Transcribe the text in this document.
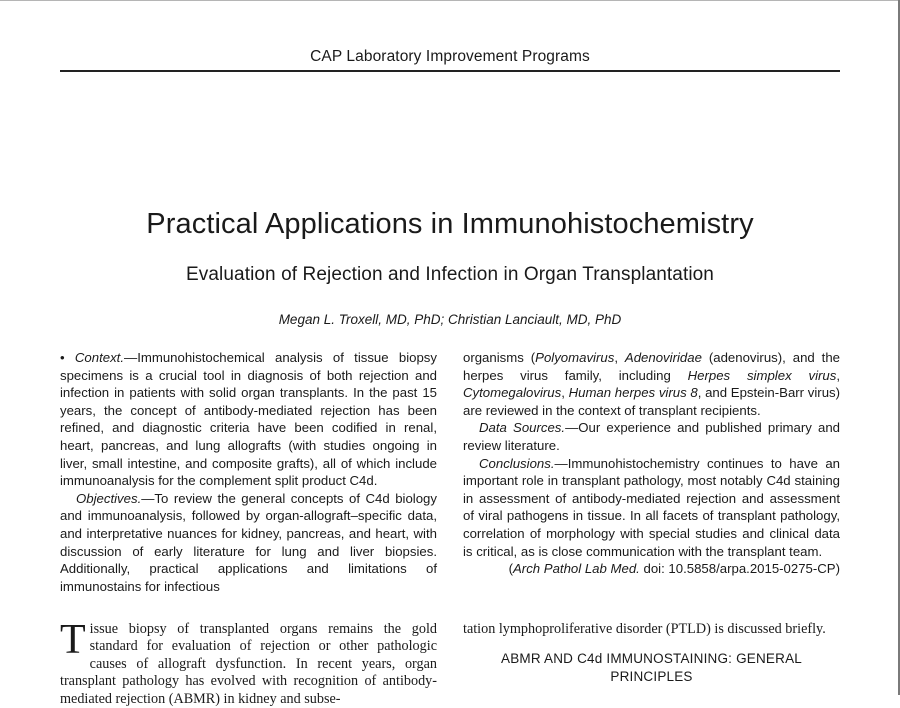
CAP Laboratory Improvement Programs
Practical Applications in Immunohistochemistry
Evaluation of Rejection and Infection in Organ Transplantation
Megan L. Troxell, MD, PhD; Christian Lanciault, MD, PhD

• Context.—Immunohistochemical analysis of tissue biopsy specimens is a crucial tool in diagnosis of both rejection and infection in patients with solid organ transplants. In the past 15 years, the concept of antibody-mediated rejection has been refined, and diagnostic criteria have been codified in renal, heart, pancreas, and lung allografts (with studies ongoing in liver, small intestine, and composite grafts), all of which include immunoanalysis for the complement split product C4d.

Objectives.—To review the general concepts of C4d biology and immunoanalysis, followed by organ-allograft–specific data, and interpretative nuances for kidney, pancreas, and heart, with discussion of early literature for lung and liver biopsies. Additionally, practical applications and limitations of immunostains for infectious

organisms (Polyomavirus, Adenoviridae (adenovirus), and the herpes virus family, including Herpes simplex virus, Cytomegalovirus, Human herpes virus 8, and Epstein-Barr virus) are reviewed in the context of transplant recipients.

Data Sources.—Our experience and published primary and review literature.

Conclusions.—Immunohistochemistry continues to have an important role in transplant pathology, most notably C4d staining in assessment of antibody-mediated rejection and assessment of viral pathogens in tissue. In all facets of transplant pathology, correlation of morphology with special studies and clinical data is critical, as is close communication with the transplant team.

(Arch Pathol Lab Med. doi: 10.5858/arpa.2015-0275-CP)

Tissue biopsy of transplanted organs remains the gold standard for evaluation of rejection or other pathologic causes of allograft dysfunction. In recent years, organ transplant pathology has evolved with recognition of antibody-mediated rejection (ABMR) in kidney and subse-

tation lymphoproliferative disorder (PTLD) is discussed briefly.

ABMR AND C4d IMMUNOSTAINING: GENERAL PRINCIPLES
